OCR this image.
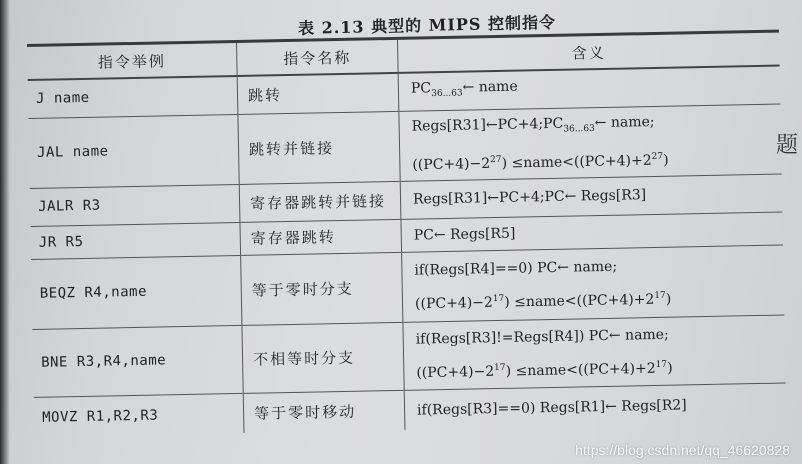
表 2.13 典型的 MIPS 控制指令
指令举例	指令名称	含义
J name	跳转	$PC_{36...63}\leftarrow$ name

JAL name	跳转并链接	$Regs[R31]\leftarrow PC+4;PC_{36...63}\leftarrow$ name;
$((PC+4)-2^{27})$ $\le name<((PC+4)+2^{27})$

JALR R3	寄存器跳转并链接	Regs[R31]←PC+4;PC← Regs[R3]

JR R5	寄存器跳转	PC← Regs[R5]

BEQZ R4,name	等于零时分支	if(Regs[R4]==0) PC← name;
$((PC+4)-2^{17})$ $\le name<((PC+4)+2^{17})$

BNE R3,R4,name	不相等时分支	if(Regs[R3]!=Regs[R4]) PC← name;
$((PC+4)-2^{17})$ $\le name<((PC+4)+2^{17})$

MOVZ R1,R2,R3	等于零时移动	if(Regs[R3]==0) Regs[R1]← Regs[R2]
题
https://blog.csdn.net/qq_46620828
